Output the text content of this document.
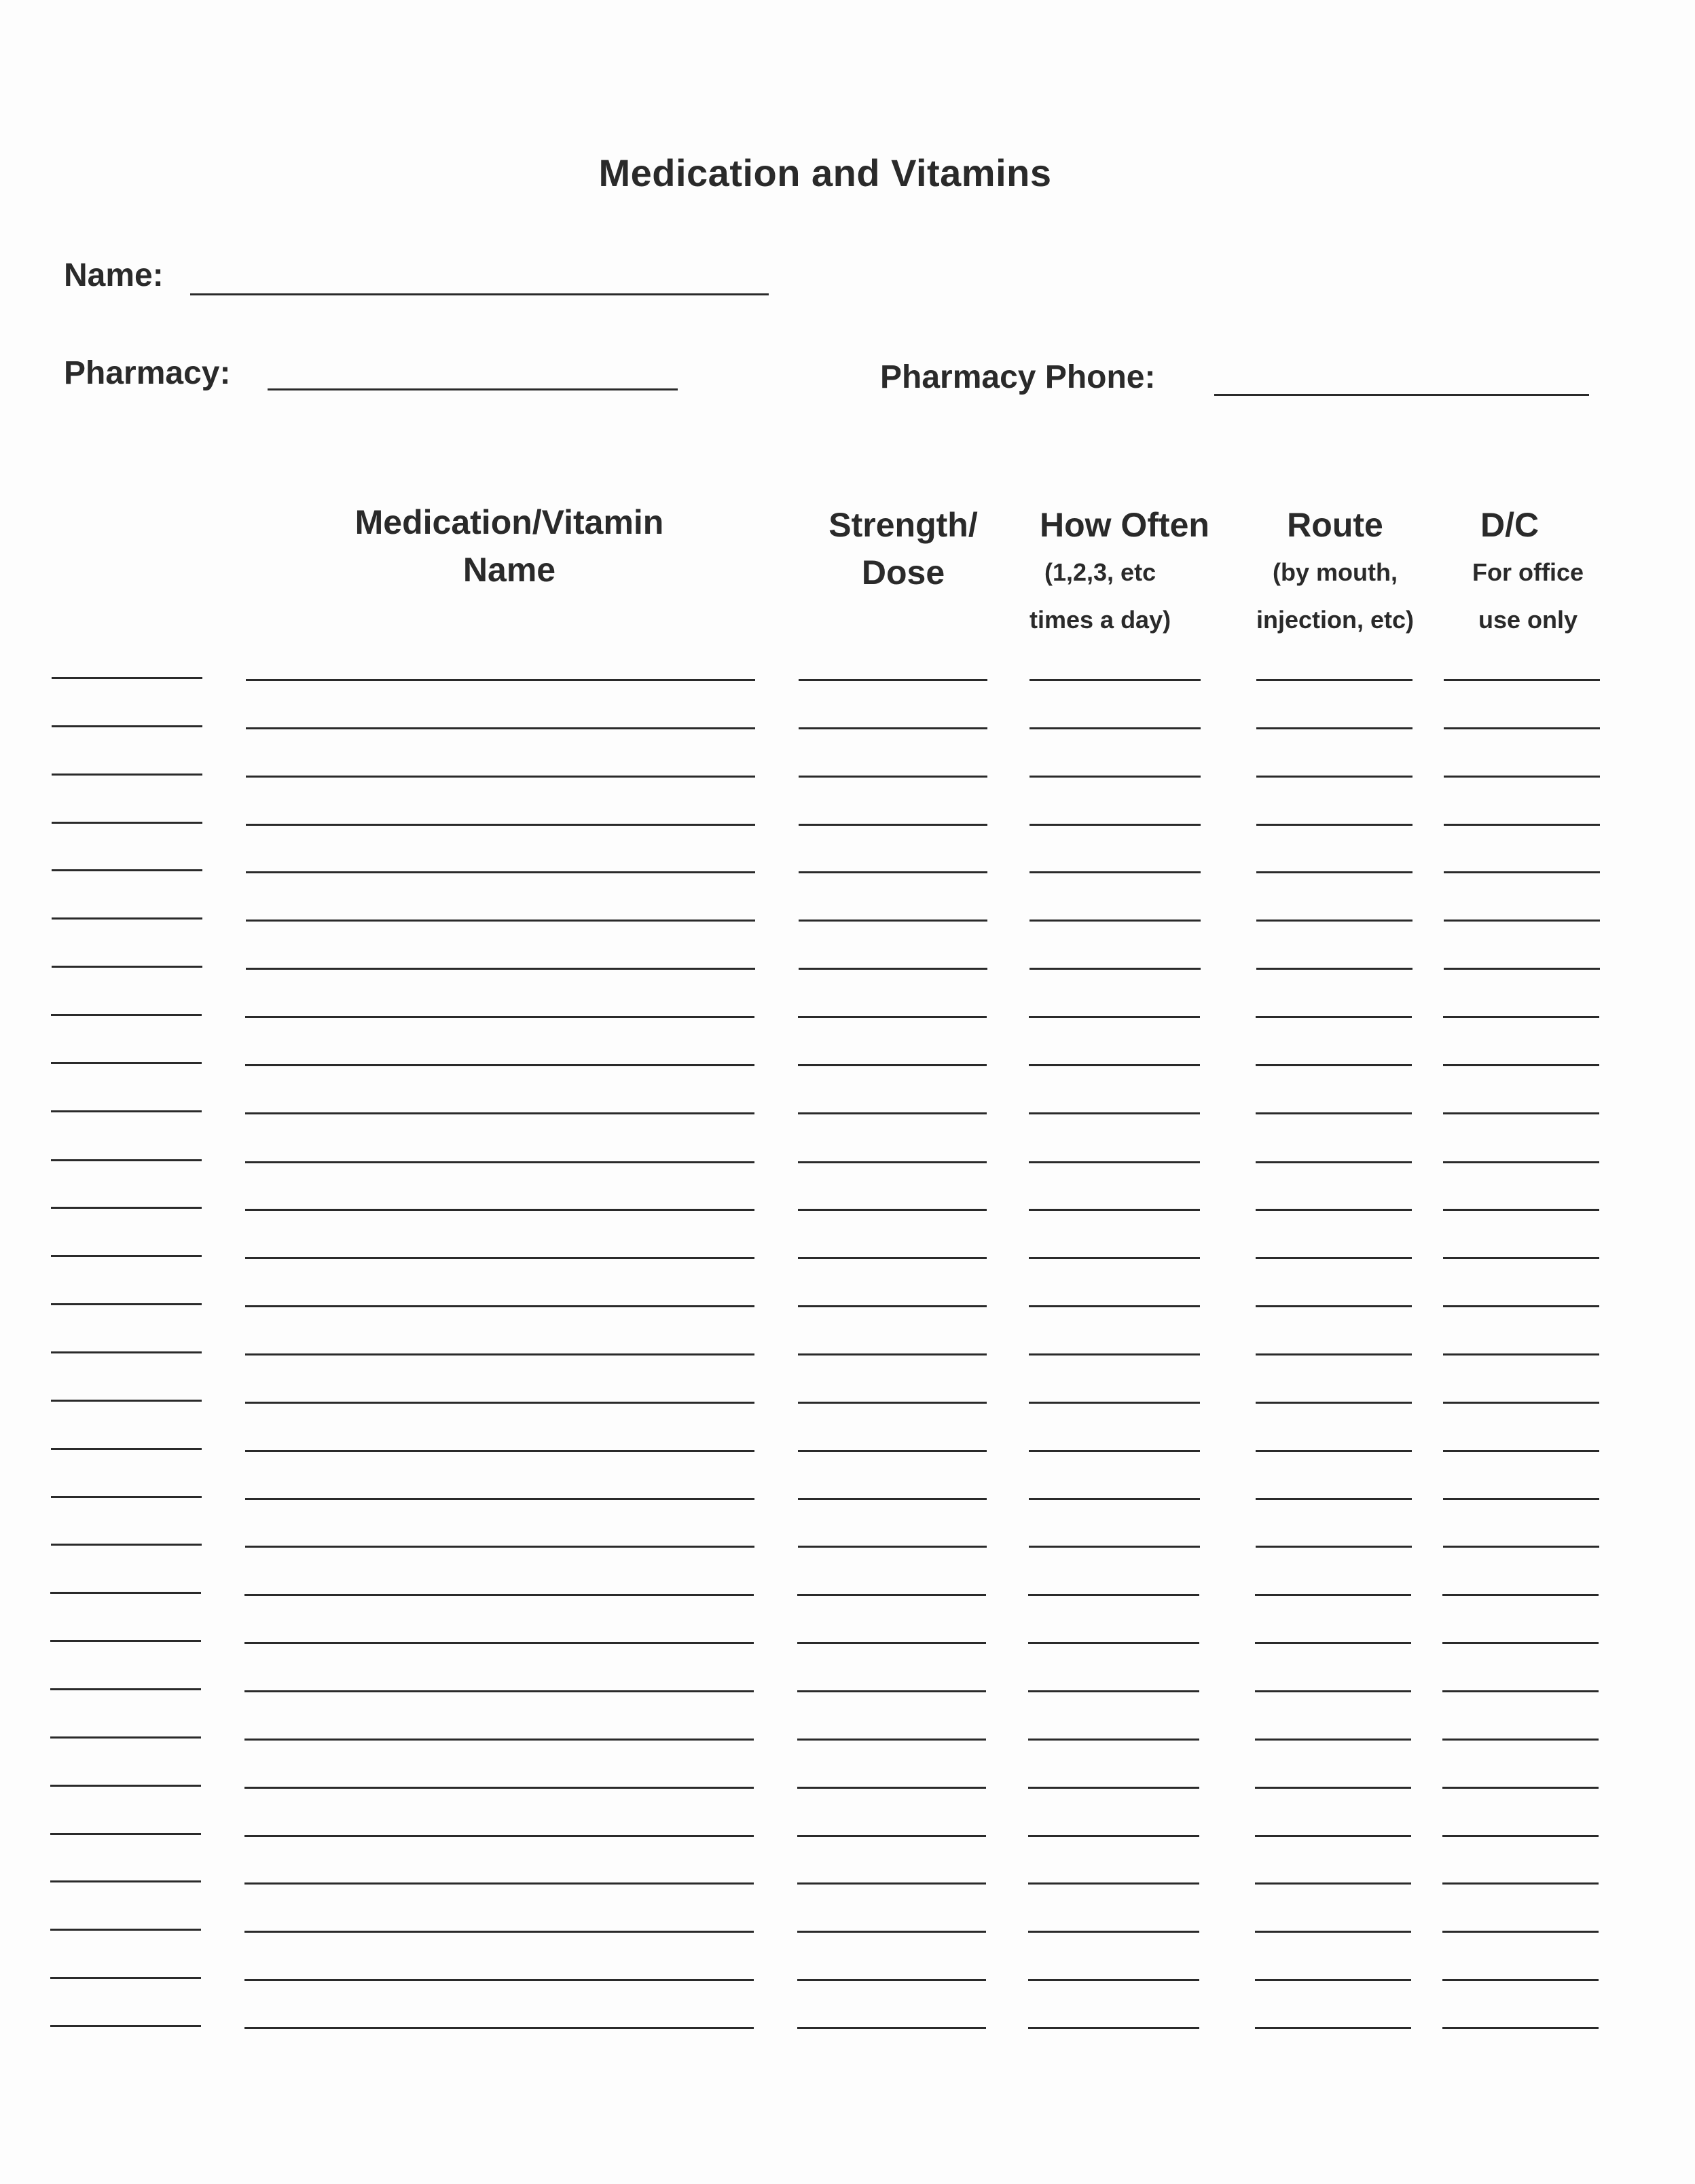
Medication and Vitamins
Name:
Pharmacy:	Pharmacy Phone:
Medication/Vitamin
Name
Strength/
Dose
How Often
(1,2,3, etc
times a day)
Route
(by mouth,
injection, etc)
D/C
For office
use only
